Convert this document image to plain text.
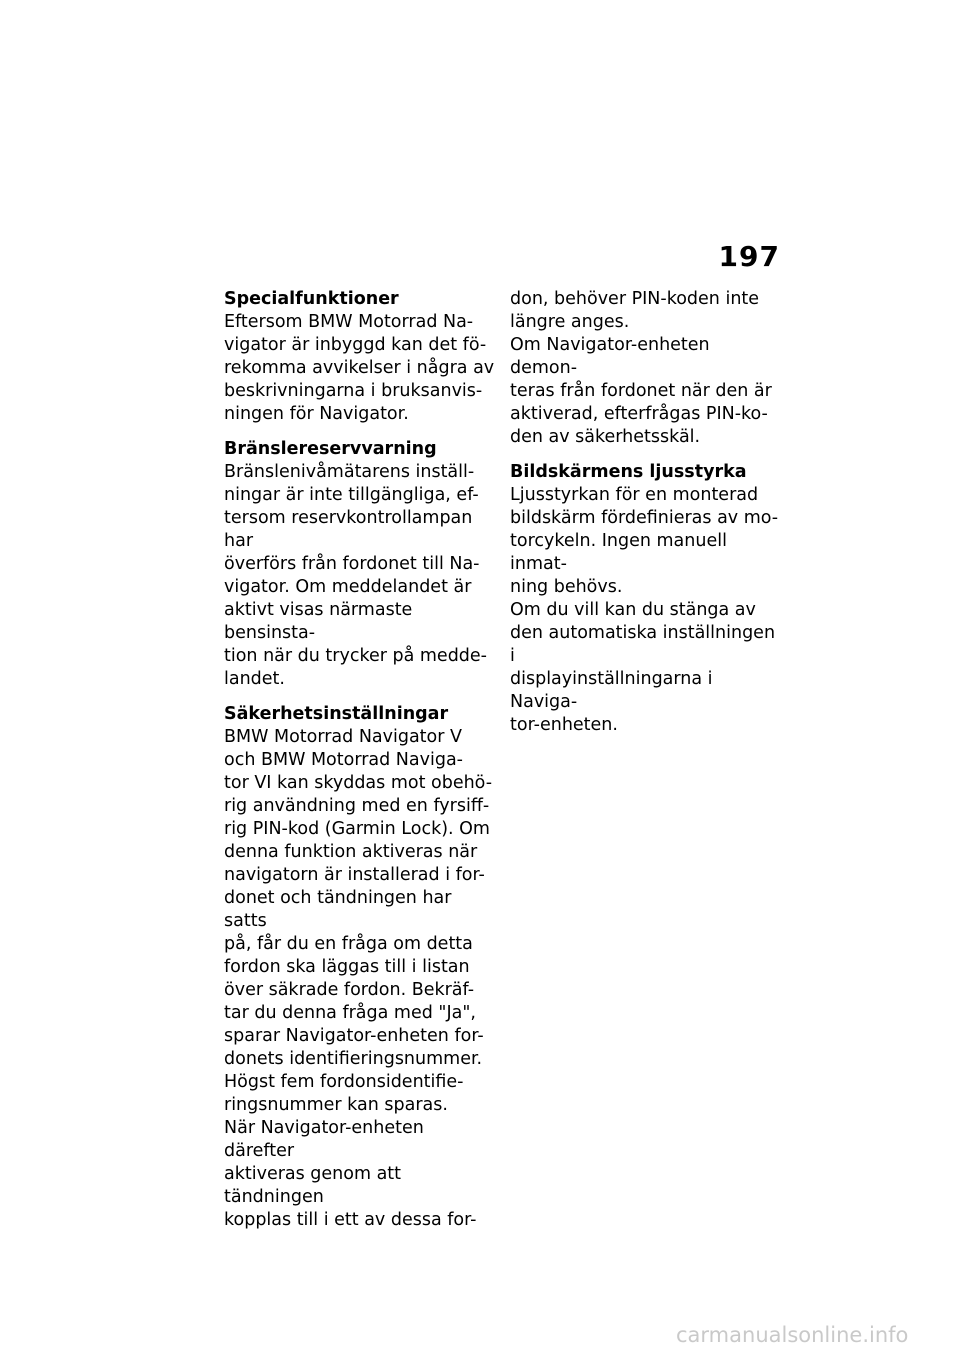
197
Specialfunktioner
Eftersom BMW Motorrad Na-
vigator är inbyggd kan det fö-
rekomma avvikelser i några av
beskrivningarna i bruksanvis-
ningen för Navigator.
Bränslereservvarning
Bränslenivåmätarens inställ-
ningar är inte tillgängliga, ef-
tersom reservkontrollampan har
överförs från fordonet till Na-
vigator. Om meddelandet är
aktivt visas närmaste bensinsta-
tion när du trycker på medde-
landet.
Säkerhetsinställningar
BMW Motorrad Navigator V
och BMW Motorrad Naviga-
tor VI kan skyddas mot obehö-
rig användning med en fyrsiff-
rig PIN-kod (Garmin Lock). Om
denna funktion aktiveras när
navigatorn är installerad i for-
donet och tändningen har satts
på, får du en fråga om detta
fordon ska läggas till i listan
över säkrade fordon. Bekräf-
tar du denna fråga med "Ja",
sparar Navigator-enheten for-
donets identifieringsnummer.
Högst fem fordonsidentifie-
ringsnummer kan sparas.
När Navigator-enheten därefter
aktiveras genom att tändningen
kopplas till i ett av dessa for-
don, behöver PIN-koden inte
längre anges.
Om Navigator-enheten demon-
teras från fordonet när den är
aktiverad, efterfrågas PIN-ko-
den av säkerhetsskäl.
Bildskärmens ljusstyrka
Ljusstyrkan för en monterad
bildskärm fördefinieras av mo-
torcykeln. Ingen manuell inmat-
ning behövs.
Om du vill kan du stänga av
den automatiska inställningen i
displayinställningarna i Naviga-
tor-enheten.
carmanualsonline.info
